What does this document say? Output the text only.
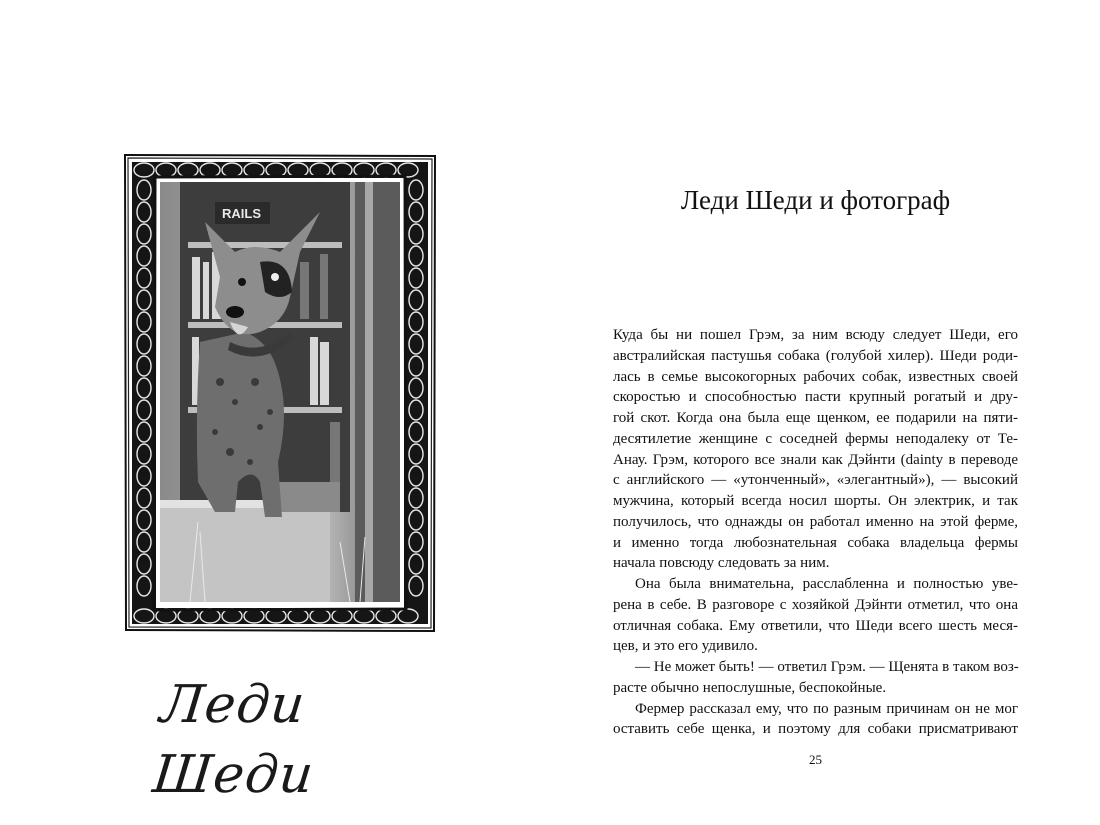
RAILS
Леди Шеди
Леди Шеди и фотограф
Куда бы ни пошел Грэм, за ним всюду следует Шеди, его
австралийская пастушья собака (голубой хилер). Шеди роди-
лась в семье высокогорных рабочих собак, известных своей
скоростью и способностью пасти крупный рогатый и дру-
гой скот. Когда она была еще щенком, ее подарили на пяти-
десятилетие женщине с соседней фермы неподалеку от Те-
Анау. Грэм, которого все знали как Дэйнти (dainty в переводе
с английского — «утонченный», «элегантный»), — высокий
мужчина, который всегда носил шорты. Он электрик, и так
получилось, что однажды он работал именно на этой ферме,
и именно тогда любознательная собака владельца фермы
начала повсюду следовать за ним.
Она была внимательна, расслабленна и полностью уве-
рена в себе. В разговоре с хозяйкой Дэйнти отметил, что она
отличная собака. Ему ответили, что Шеди всего шесть меся-
цев, и это его удивило.
— Не может быть! — ответил Грэм. — Щенята в таком воз-
расте обычно непослушные, беспокойные.
Фермер рассказал ему, что по разным причинам он не мог
оставить себе щенка, и поэтому для собаки присматривают
25
